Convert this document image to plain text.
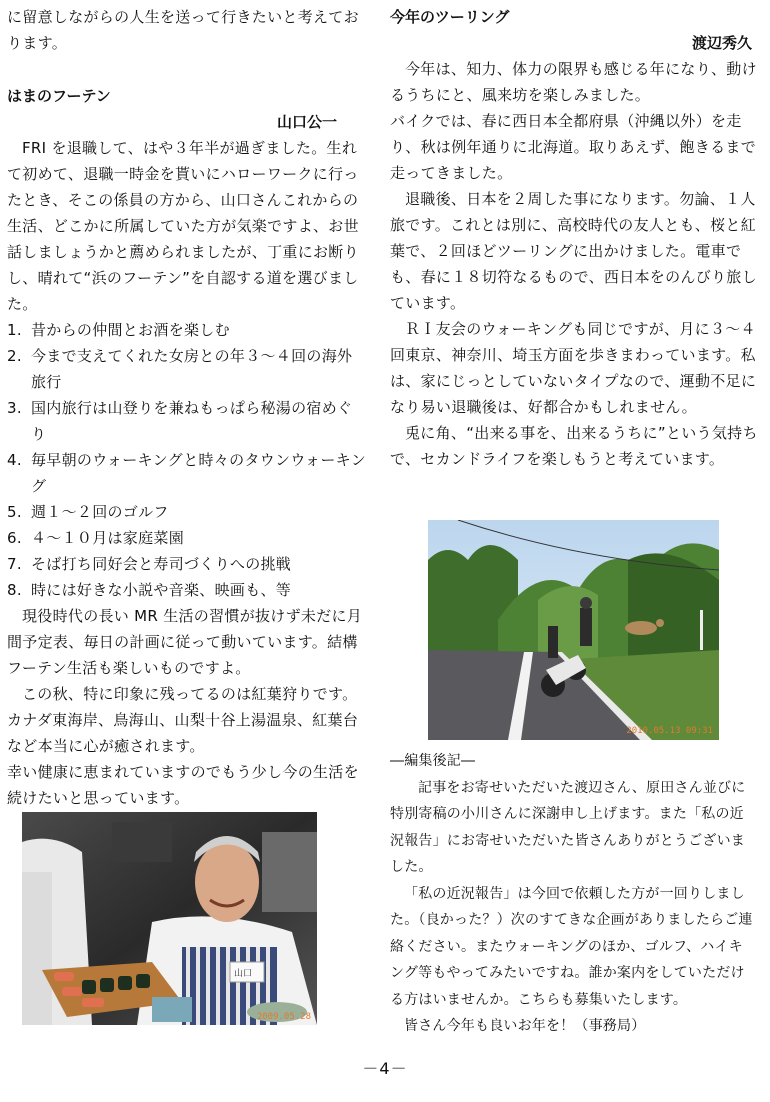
に留意しながらの人生を送って行きたいと考えております。

はまのフーテン

山口公一

FRI を退職して、はや３年半が過ぎました。生れて初めて、退職一時金を貰いにハローワークに行ったとき、そこの係員の方から、山口さんこれからの生活、どこかに所属していた方が気楽ですよ、お世話しましょうかと薦められましたが、丁重にお断りし、晴れて“浜のフーテン”を自認する道を選びました。

1. 昔からの仲間とお酒を楽しむ
2. 今まで支えてくれた女房との年３～４回の海外旅行
3. 国内旅行は山登りを兼ねもっぱら秘湯の宿めぐり
4. 毎早朝のウォーキングと時々のタウンウォーキング
5. 週１～２回のゴルフ
6. ４～１０月は家庭菜園
7. そば打ち同好会と寿司づくりへの挑戦
8. 時には好きな小説や音楽、映画も、等

現役時代の長い MR 生活の習慣が抜けず未だに月間予定表、毎日の計画に従って動いています。結構フーテン生活も楽しいものですよ。

この秋、特に印象に残ってるのは紅葉狩りです。カナダ東海岸、鳥海山、山梨十谷上湯温泉、紅葉台など本当に心が癒されます。

幸い健康に恵まれていますのでもう少し今の生活を続けたいと思っています。

山口
2009.05.28

今年のツーリング

渡辺秀久

今年は、知力、体力の限界も感じる年になり、動けるうちにと、風来坊を楽しみました。

バイクでは、春に西日本全都府県（沖縄以外）を走り、秋は例年通りに北海道。取りあえず、飽きるまで走ってきました。

退職後、日本を２周した事になります。勿論、１人旅です。これとは別に、高校時代の友人とも、桜と紅葉で、２回ほどツーリングに出かけました。電車でも、春に１８切符なるもので、西日本をのんびり旅しています。

ＲＩ友会のウォーキングも同じですが、月に３～４回東京、神奈川、埼玉方面を歩きまわっています。私は、家にじっとしていないタイプなので、運動不足になり易い退職後は、好都合かもしれません。

兎に角、“出来る事を、出来るうちに”という気持ちで、セカンドライフを楽しもうと考えています。

2010.05.13 09:31

―編集後記―

記事をお寄せいただいた渡辺さん、原田さん並びに特別寄稿の小川さんに深謝申し上げます。また「私の近況報告」にお寄せいただいた皆さんありがとうございました。

「私の近況報告」は今回で依頼した方が一回りしました。（良かった？）次のすてきな企画がありましたらご連絡ください。またウォーキングのほか、ゴルフ、ハイキング等もやってみたいですね。誰か案内をしていただける方はいませんか。こちらも募集いたします。

皆さん今年も良いお年を！（事務局）

－4－
